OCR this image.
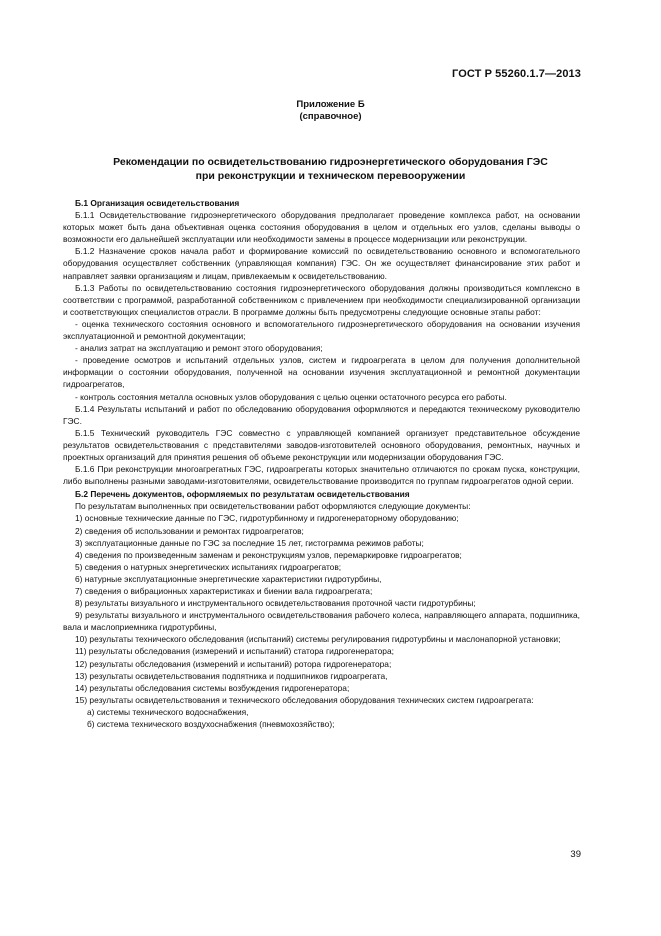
ГОСТ Р 55260.1.7—2013
Приложение Б
(справочное)
Рекомендации по освидетельствованию гидроэнергетического оборудования ГЭС
при реконструкции и техническом перевооружении

Б.1 Организация освидетельствования

Б.1.1 Освидетельствование гидроэнергетического оборудования предполагает проведение комплекса работ, на основании которых может быть дана объективная оценка состояния оборудования в целом и отдельных его узлов, сделаны выводы о возможности его дальнейшей эксплуатации или необходимости замены в процессе модернизации или реконструкции.

Б.1.2 Назначение сроков начала работ и формирование комиссий по освидетельствованию основного и вспомогательного оборудования осуществляет собственник (управляющая компания) ГЭС. Он же осуществляет финансирование этих работ и направляет заявки организациям и лицам, привлекаемым к освидетельствованию.

Б.1.3 Работы по освидетельствованию состояния гидроэнергетического оборудования должны производиться комплексно в соответствии с программой, разработанной собственником с привлечением при необходимости специализированной организации и соответствующих специалистов отрасли. В программе должны быть предусмотрены следующие основные этапы работ:

- оценка технического состояния основного и вспомогательного гидроэнергетического оборудования на основании изучения эксплуатационной и ремонтной документации;

- анализ затрат на эксплуатацию и ремонт этого оборудования;

- проведение осмотров и испытаний отдельных узлов, систем и гидроагрегата в целом для получения дополнительной информации о состоянии оборудования, полученной на основании изучения эксплуатационной и ремонтной документации гидроагрегатов,

- контроль состояния металла основных узлов оборудования с целью оценки остаточного ресурса его работы.

Б.1.4 Результаты испытаний и работ по обследованию оборудования оформляются и передаются техническому руководителю ГЭС.

Б.1.5 Технический руководитель ГЭС совместно с управляющей компанией организует представительное обсуждение результатов освидетельствования с представителями заводов-изготовителей основного оборудования, ремонтных, научных и проектных организаций для принятия решения об объеме реконструкции или модернизации оборудования ГЭС.

Б.1.6 При реконструкции многоагрегатных ГЭС, гидроагрегаты которых значительно отличаются по срокам пуска, конструкции, либо выполнены разными заводами-изготовителями, освидетельствование производится по группам гидроагрегатов одной серии.

Б.2 Перечень документов, оформляемых по результатам освидетельствования

По результатам выполненных при освидетельствовании работ оформляются следующие документы:

1) основные технические данные по ГЭС, гидротурбинному и гидрогенераторному оборудованию;

2) сведения об использовании и ремонтах гидроагрегатов;

3) эксплуатационные данные по ГЭС за последние 15 лет, гистограмма режимов работы;

4) сведения по произведенным заменам и реконструкциям узлов, перемаркировке гидроагрегатов;

5) сведения о натурных энергетических испытаниях гидроагрегатов;

6) натурные эксплуатационные энергетические характеристики гидротурбины,

7) сведения о вибрационных характеристиках и биении вала гидроагрегата;

8) результаты визуального и инструментального освидетельствования проточной части гидротурбины;

9) результаты визуального и инструментального освидетельствования рабочего колеса, направляющего аппарата, подшипника, вала и маслоприемника гидротурбины,

10) результаты технического обследования (испытаний) системы регулирования гидротурбины и маслонапорной установки;

11) результаты обследования (измерений и испытаний) статора гидрогенератора;

12) результаты обследования (измерений и испытаний) ротора гидрогенератора;

13) результаты освидетельствования подпятника и подшипников гидроагрегата,

14) результаты обследования системы возбуждения гидрогенератора;

15) результаты освидетельствования и технического обследования оборудования технических систем гидроагрегата:

а) системы технического водоснабжения,

б) система технического воздухоснабжения (пневмохозяйство);

39
